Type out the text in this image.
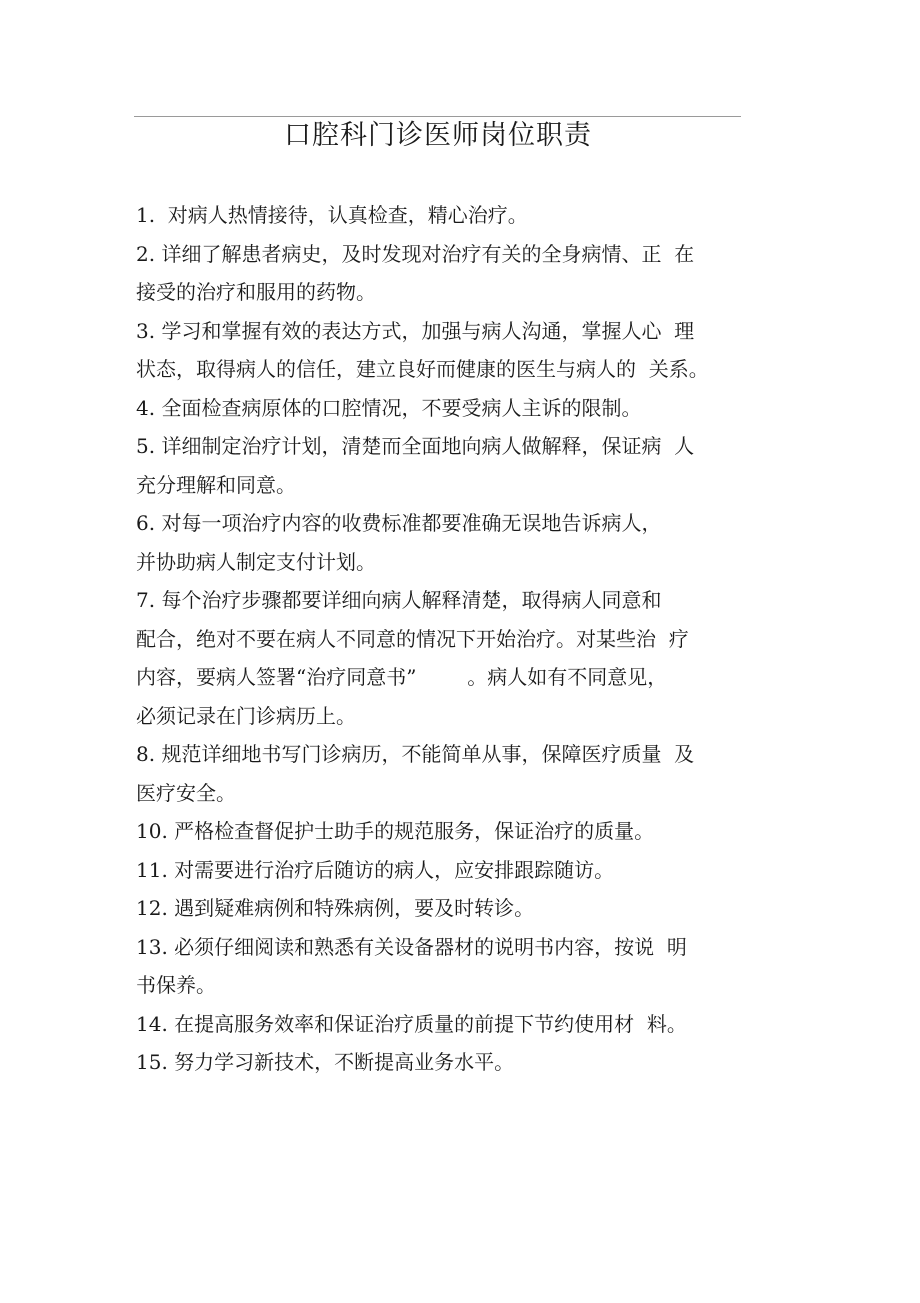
口腔科门诊医师岗位职责
1.  对病人热情接待，认真检查，精心治疗。
2. 详细了解患者病史，及时发现对治疗有关的全身病情、正  在
接受的治疗和服用的药物。
3. 学习和掌握有效的表达方式，加强与病人沟通，掌握人心  理
状态，取得病人的信任，建立良好而健康的医生与病人的  关系。
4. 全面检查病原体的口腔情况，不要受病人主诉的限制。
5. 详细制定治疗计划，清楚而全面地向病人做解释，保证病  人
充分理解和同意。
6. 对每一项治疗内容的收费标准都要准确无误地告诉病人，
并协助病人制定支付计划。
7. 每个治疗步骤都要详细向病人解释清楚，取得病人同意和
配合，绝对不要在病人不同意的情况下开始治疗。对某些治  疗
内容，要病人签署“治疗同意书”        。病人如有不同意见，
必须记录在门诊病历上。
8. 规范详细地书写门诊病历，不能简单从事，保障医疗质量  及
医疗安全。
10. 严格检查督促护士助手的规范服务，保证治疗的质量。
11. 对需要进行治疗后随访的病人，应安排跟踪随访。
12. 遇到疑难病例和特殊病例，要及时转诊。
13. 必须仔细阅读和熟悉有关设备器材的说明书内容，按说  明
书保养。
14. 在提高服务效率和保证治疗质量的前提下节约使用材  料。
15. 努力学习新技术，不断提高业务水平。
